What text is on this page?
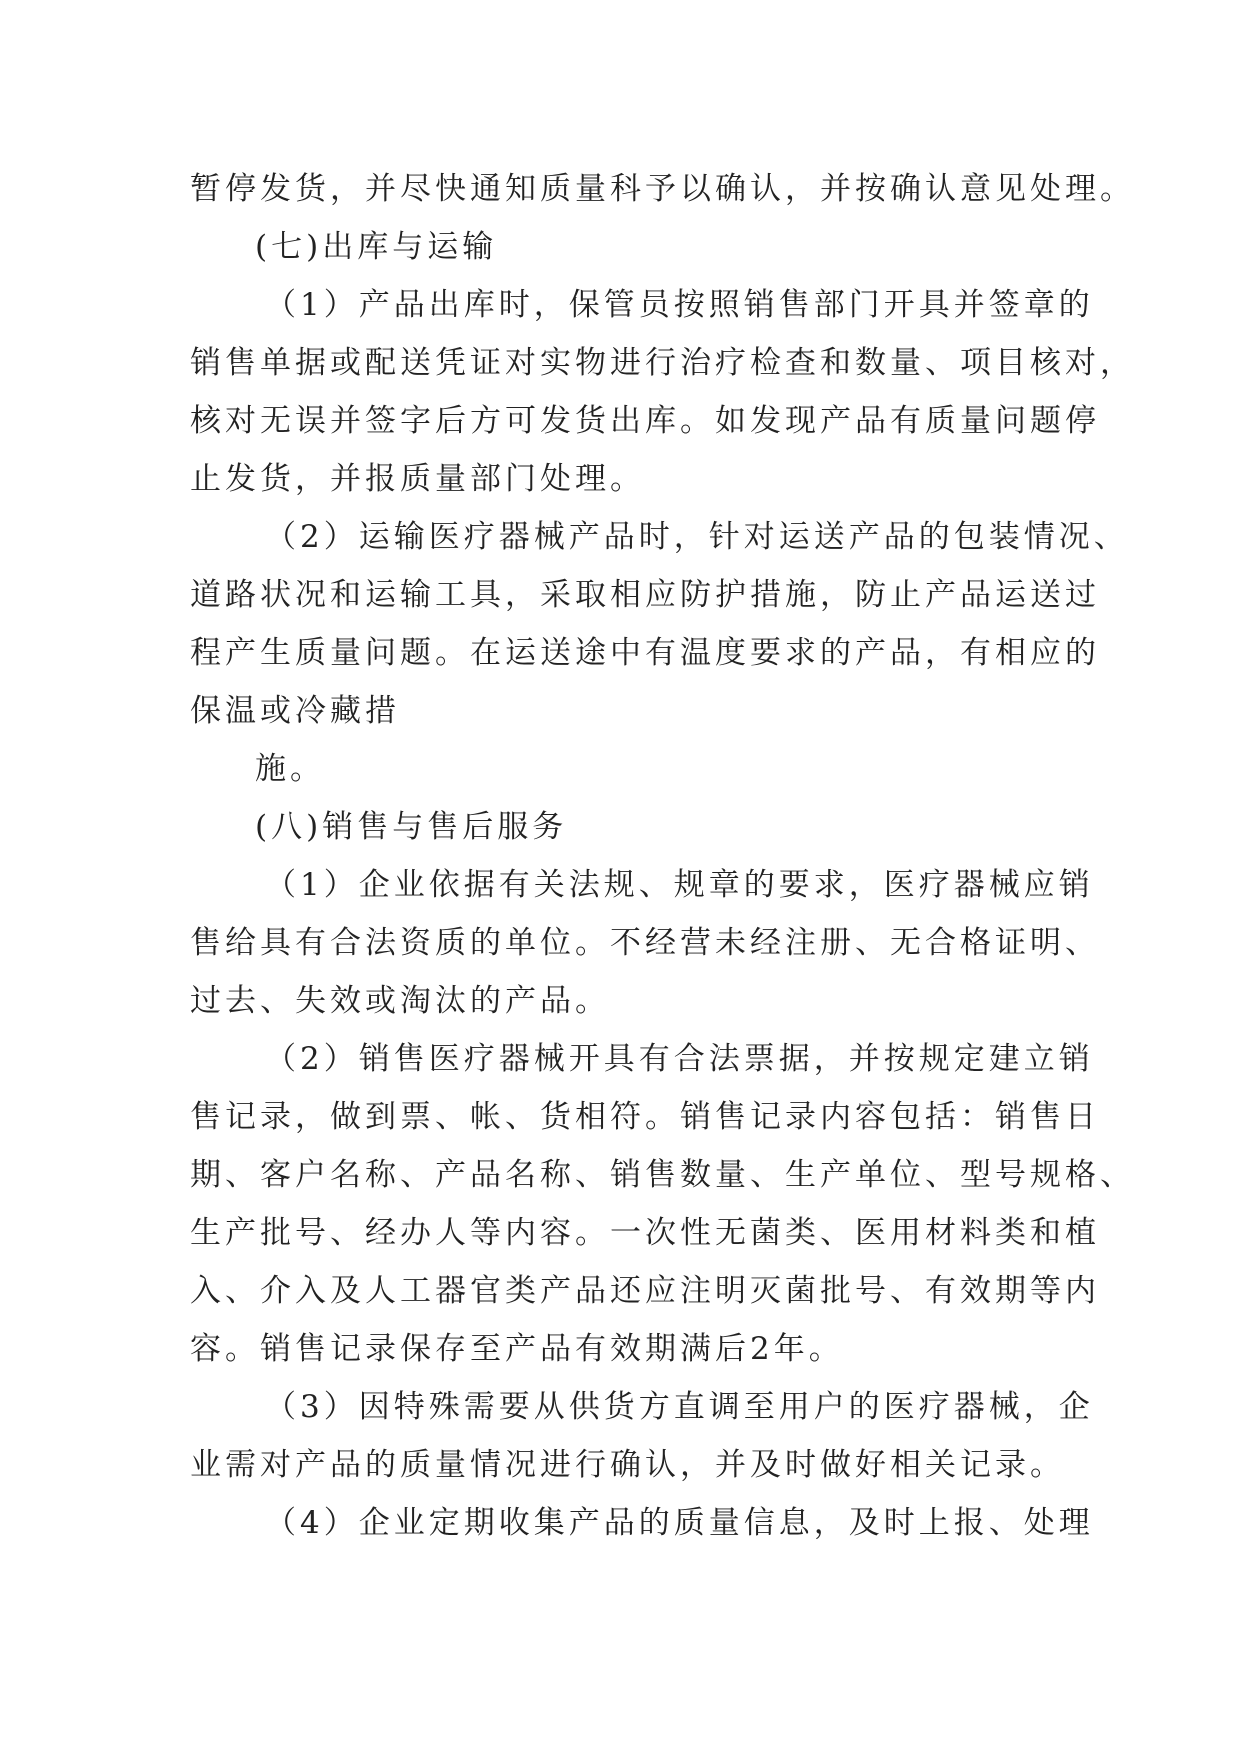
暂停发货，并尽快通知质量科予以确认，并按确认意见处理。
(七)出库与运输
（1）产品出库时，保管员按照销售部门开具并签章的
销售单据或配送凭证对实物进行治疗检查和数量、项目核对，
核对无误并签字后方可发货出库。如发现产品有质量问题停
止发货，并报质量部门处理。
（2）运输医疗器械产品时，针对运送产品的包装情况、
道路状况和运输工具，采取相应防护措施，防止产品运送过
程产生质量问题。在运送途中有温度要求的产品，有相应的
保温或冷藏措
施。
(八)销售与售后服务
（1）企业依据有关法规、规章的要求，医疗器械应销
售给具有合法资质的单位。不经营未经注册、无合格证明、
过去、失效或淘汰的产品。
（2）销售医疗器械开具有合法票据，并按规定建立销
售记录，做到票、帐、货相符。销售记录内容包括：销售日
期、客户名称、产品名称、销售数量、生产单位、型号规格、
生产批号、经办人等内容。一次性无菌类、医用材料类和植
入、介入及人工器官类产品还应注明灭菌批号、有效期等内
容。销售记录保存至产品有效期满后2年。
（3）因特殊需要从供货方直调至用户的医疗器械，企
业需对产品的质量情况进行确认，并及时做好相关记录。
（4）企业定期收集产品的质量信息，及时上报、处理
